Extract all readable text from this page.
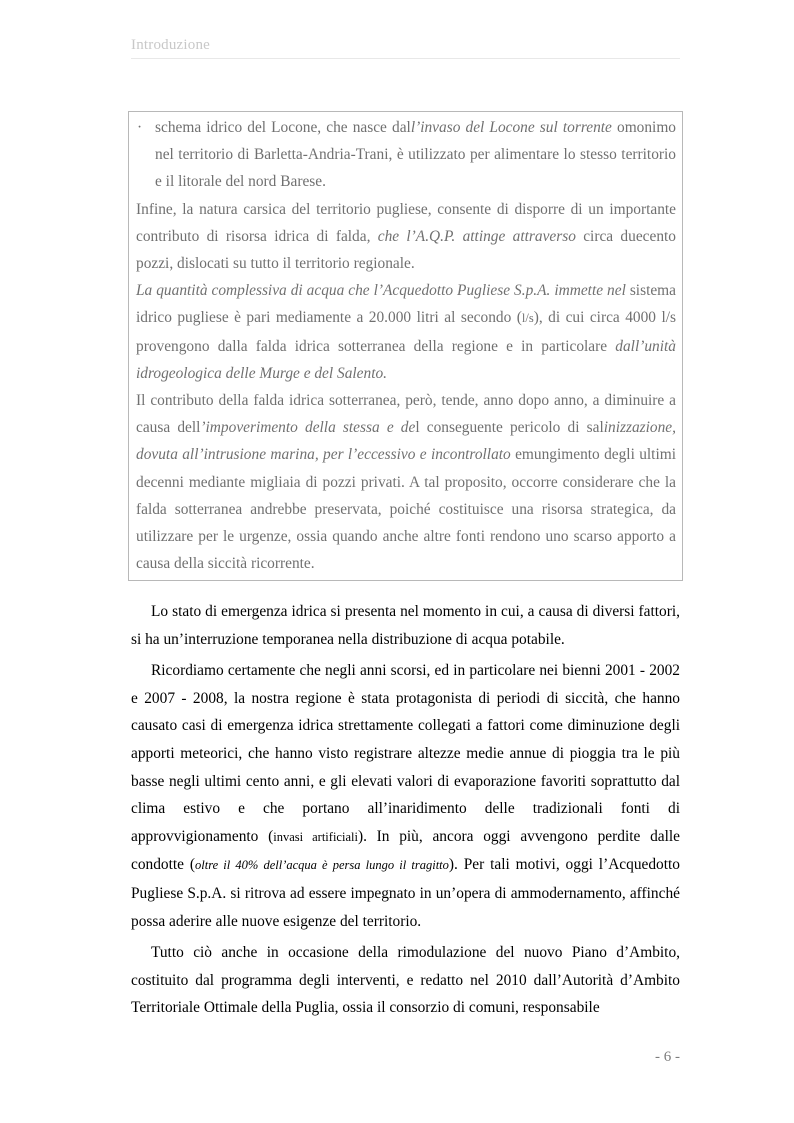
Introduzione

· schema idrico del Locone, che nasce dall’invaso del Locone sul torrente omonimo nel territorio di Barletta-Andria-Trani, è utilizzato per alimentare lo stesso territorio e il litorale del nord Barese.

Infine, la natura carsica del territorio pugliese, consente di disporre di un importante contributo di risorsa idrica di falda, che l’A.Q.P. attinge attraverso circa duecento pozzi, dislocati su tutto il territorio regionale.

La quantità complessiva di acqua che l’Acquedotto Pugliese S.p.A. immette nel sistema idrico pugliese è pari mediamente a 20.000 litri al secondo (l/s), di cui circa 4000 l/s provengono dalla falda idrica sotterranea della regione e in particolare dall’unità idrogeologica delle Murge e del Salento.

Il contributo della falda idrica sotterranea, però, tende, anno dopo anno, a diminuire a causa dell’impoverimento della stessa e del conseguente pericolo di salinizzazione, dovuta all’intrusione marina, per l’eccessivo e incontrollato emungimento degli ultimi decenni mediante migliaia di pozzi privati. A tal proposito, occorre considerare che la falda sotterranea andrebbe preservata, poiché costituisce una risorsa strategica, da utilizzare per le urgenze, ossia quando anche altre fonti rendono uno scarso apporto a causa della siccità ricorrente.

Lo stato di emergenza idrica si presenta nel momento in cui, a causa di diversi fattori, si ha un’interruzione temporanea nella distribuzione di acqua potabile.

Ricordiamo certamente che negli anni scorsi, ed in particolare nei bienni 2001 - 2002 e 2007 - 2008, la nostra regione è stata protagonista di periodi di siccità, che hanno causato casi di emergenza idrica strettamente collegati a fattori come diminuzione degli apporti meteorici, che hanno visto registrare altezze medie annue di pioggia tra le più basse negli ultimi cento anni, e gli elevati valori di evaporazione favoriti soprattutto dal clima estivo e che portano all’inaridimento delle tradizionali fonti di approvvigionamento (invasi artificiali). In più, ancora oggi avvengono perdite dalle condotte (oltre il 40% dell’acqua è persa lungo il tragitto). Per tali motivi, oggi l’Acquedotto Pugliese S.p.A. si ritrova ad essere impegnato in un’opera di ammodernamento, affinché possa aderire alle nuove esigenze del territorio.

Tutto ciò anche in occasione della rimodulazione del nuovo Piano d’Ambito, costituito dal programma degli interventi, e redatto nel 2010 dall’Autorità d’Ambito Territoriale Ottimale della Puglia, ossia il consorzio di comuni, responsabile

- 6 -
